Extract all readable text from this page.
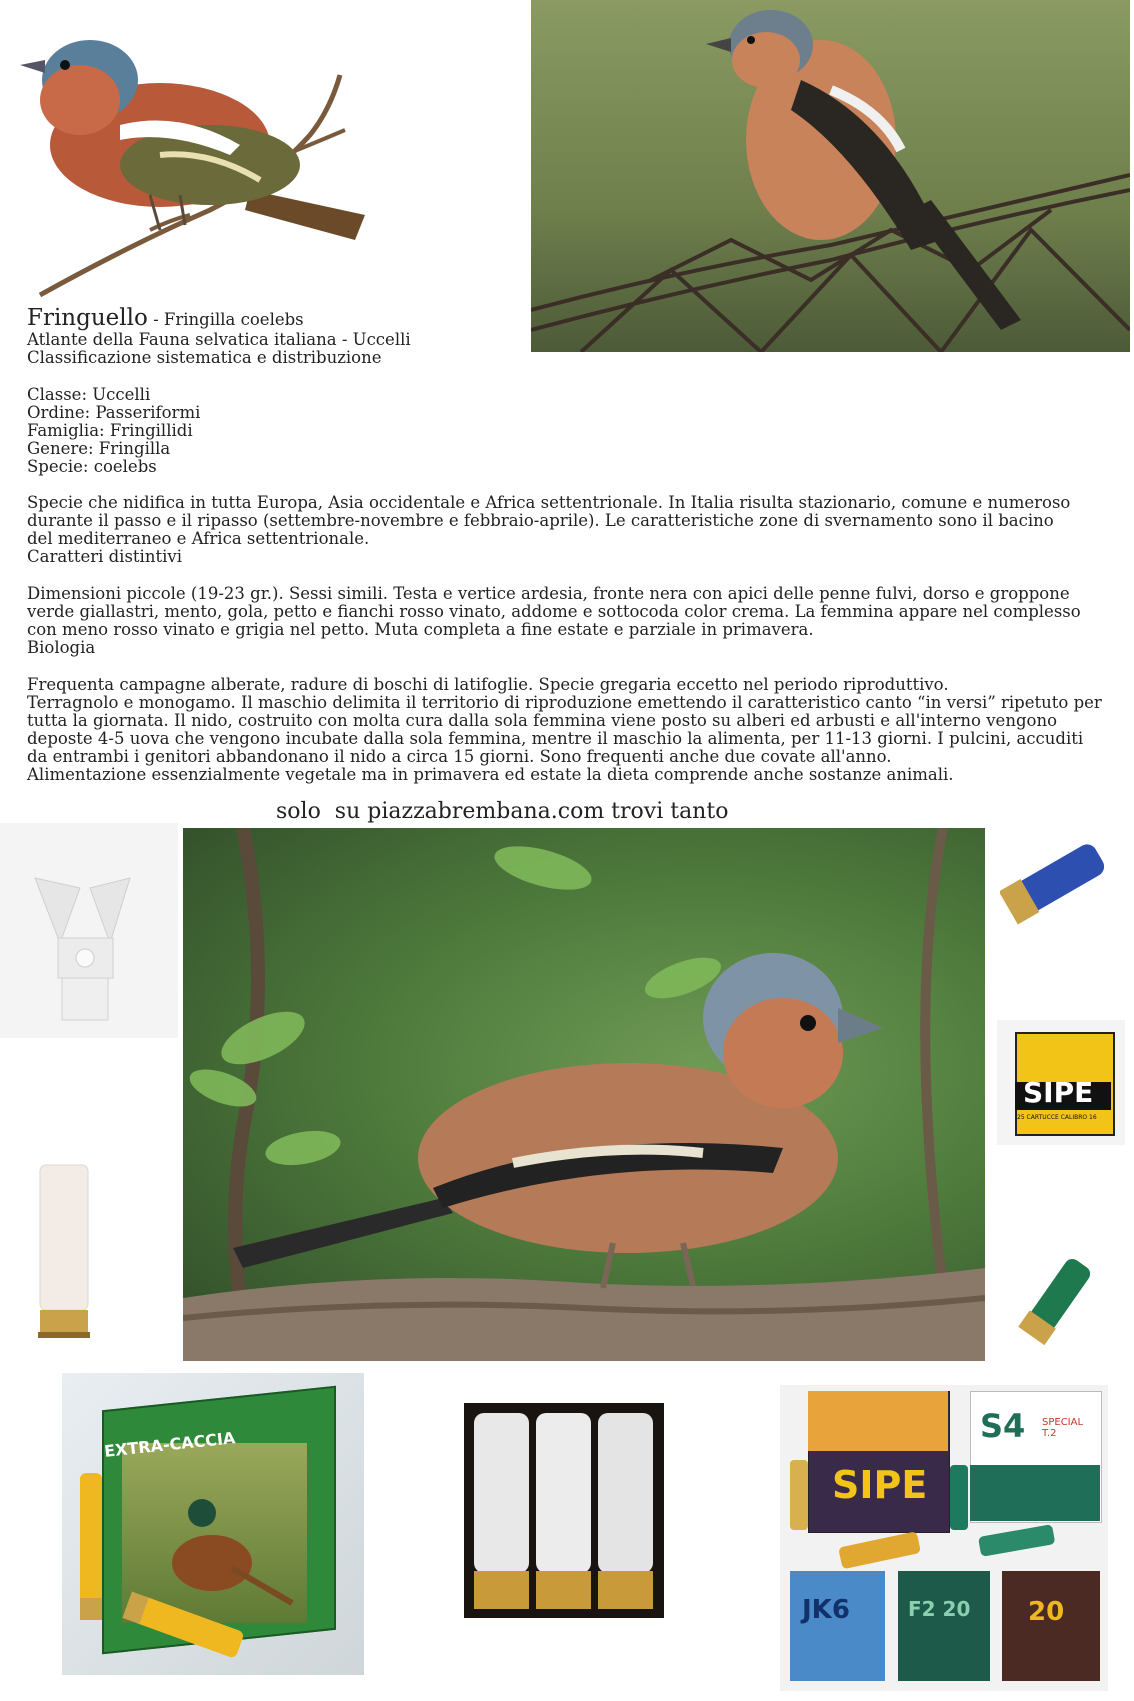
Fringuello - Fringilla coelebs
Atlante della Fauna selvatica italiana - Uccelli
Classificazione sistematica e distribuzione
Classe: Uccelli
Ordine: Passeriformi
Famiglia: Fringillidi
Genere: Fringilla
Specie: coelebs
Specie che nidifica in tutta Europa, Asia occidentale e Africa settentrionale. In Italia risulta stazionario, comune e numeroso
durante il passo e il ripasso (settembre-novembre e febbraio-aprile). Le caratteristiche zone di svernamento sono il bacino
del mediterraneo e Africa settentrionale.
Caratteri distintivi
Dimensioni piccole (19-23 gr.). Sessi simili. Testa e vertice ardesia, fronte nera con apici delle penne fulvi, dorso e groppone
verde giallastri, mento, gola, petto e fianchi rosso vinato, addome e sottocoda color crema. La femmina appare nel complesso
con meno rosso vinato e grigia nel petto. Muta completa a fine estate e parziale in primavera.
Biologia
Frequenta campagne alberate, radure di boschi di latifoglie. Specie gregaria eccetto nel periodo riproduttivo.
Terragnolo e monogamo. Il maschio delimita il territorio di riproduzione emettendo il caratteristico canto “in versi” ripetuto per
tutta la giornata. Il nido, costruito con molta cura dalla sola femmina viene posto su alberi ed arbusti e all'interno vengono
deposte 4-5 uova che vengono incubate dalla sola femmina, mentre il maschio la alimenta, per 11-13 giorni. I pulcini, accuditi
da entrambi i genitori abbandonano il nido a circa 15 giorni. Sono frequenti anche due covate all'anno.
Alimentazione essenzialmente vegetale ma in primavera ed estate la dieta comprende anche sostanze animali.
solo  su piazzabrembana.com trovi tanto
SIPE
25 CARTUCCE CALIBRO 16
EXTRA-CACCIA
SIPE
S4 SPECIAL T.2
JK6	F2 20 20
